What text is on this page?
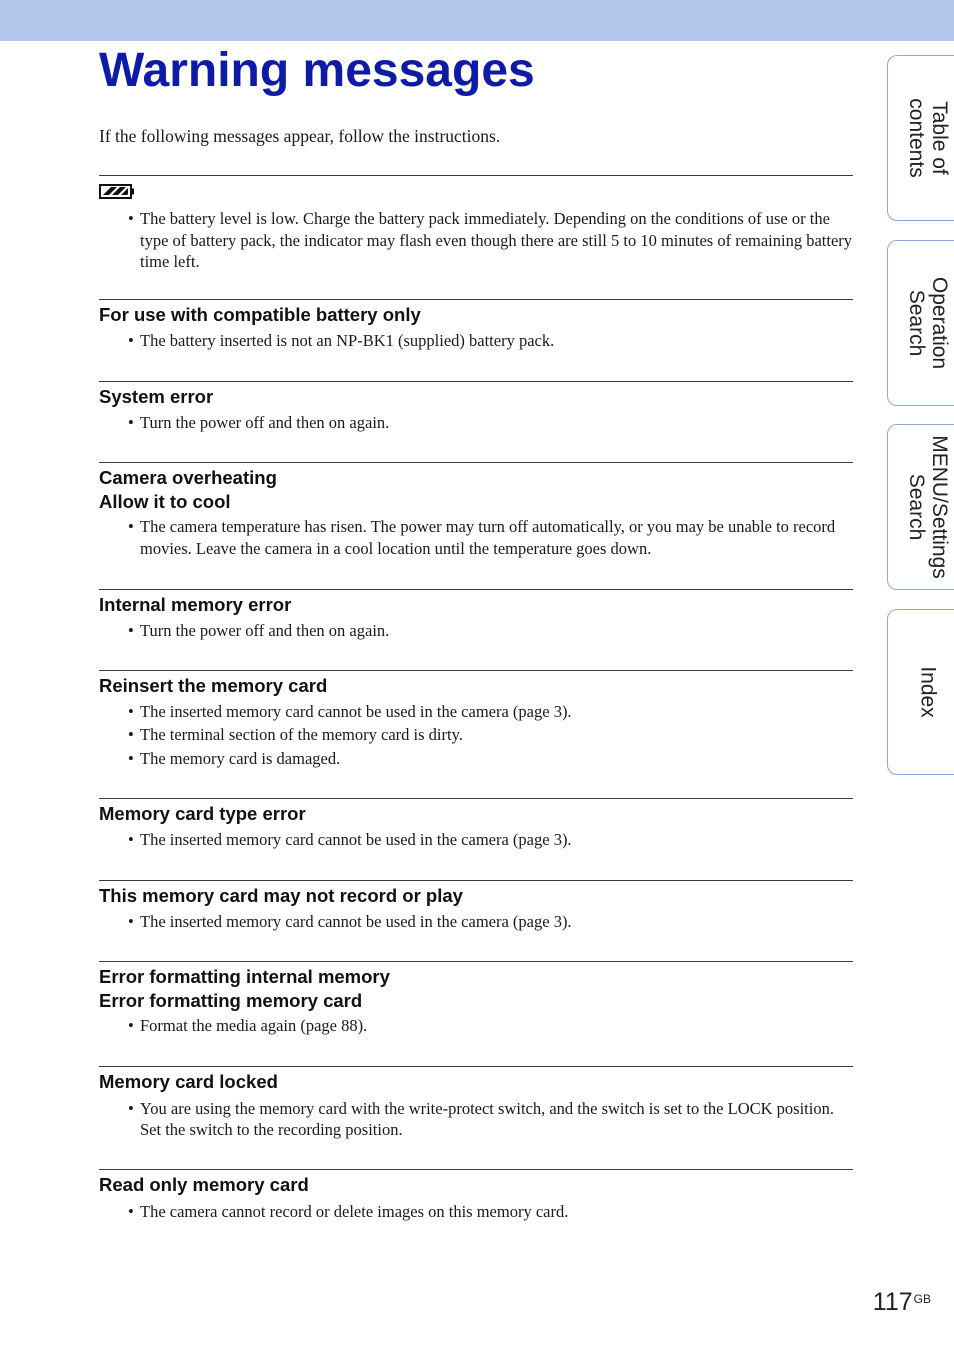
Warning messages

If the following messages appear, follow the instructions.

• The battery level is low. Charge the battery pack immediately. Depending on the conditions of use or the type of battery pack, the indicator may flash even though there are still 5 to 10 minutes of remaining battery time left.
For use with compatible battery only
• The battery inserted is not an NP-BK1 (supplied) battery pack.
System error
• Turn the power off and then on again.
Camera overheating
Allow it to cool
• The camera temperature has risen. The power may turn off automatically, or you may be unable to record movies. Leave the camera in a cool location until the temperature goes down.
Internal memory error
• Turn the power off and then on again.
Reinsert the memory card
• The inserted memory card cannot be used in the camera (page 3).
• The terminal section of the memory card is dirty.
• The memory card is damaged.
Memory card type error
• The inserted memory card cannot be used in the camera (page 3).
This memory card may not record or play
• The inserted memory card cannot be used in the camera (page 3).
Error formatting internal memory
Error formatting memory card
• Format the media again (page 88).
Memory card locked
• You are using the memory card with the write-protect switch, and the switch is set to the LOCK position. Set the switch to the recording position.
Read only memory card
• The camera cannot record or delete images on this memory card.
Table of
contents
Operation
Search
MENU/Settings
Search
Index
$117^{GB}$
